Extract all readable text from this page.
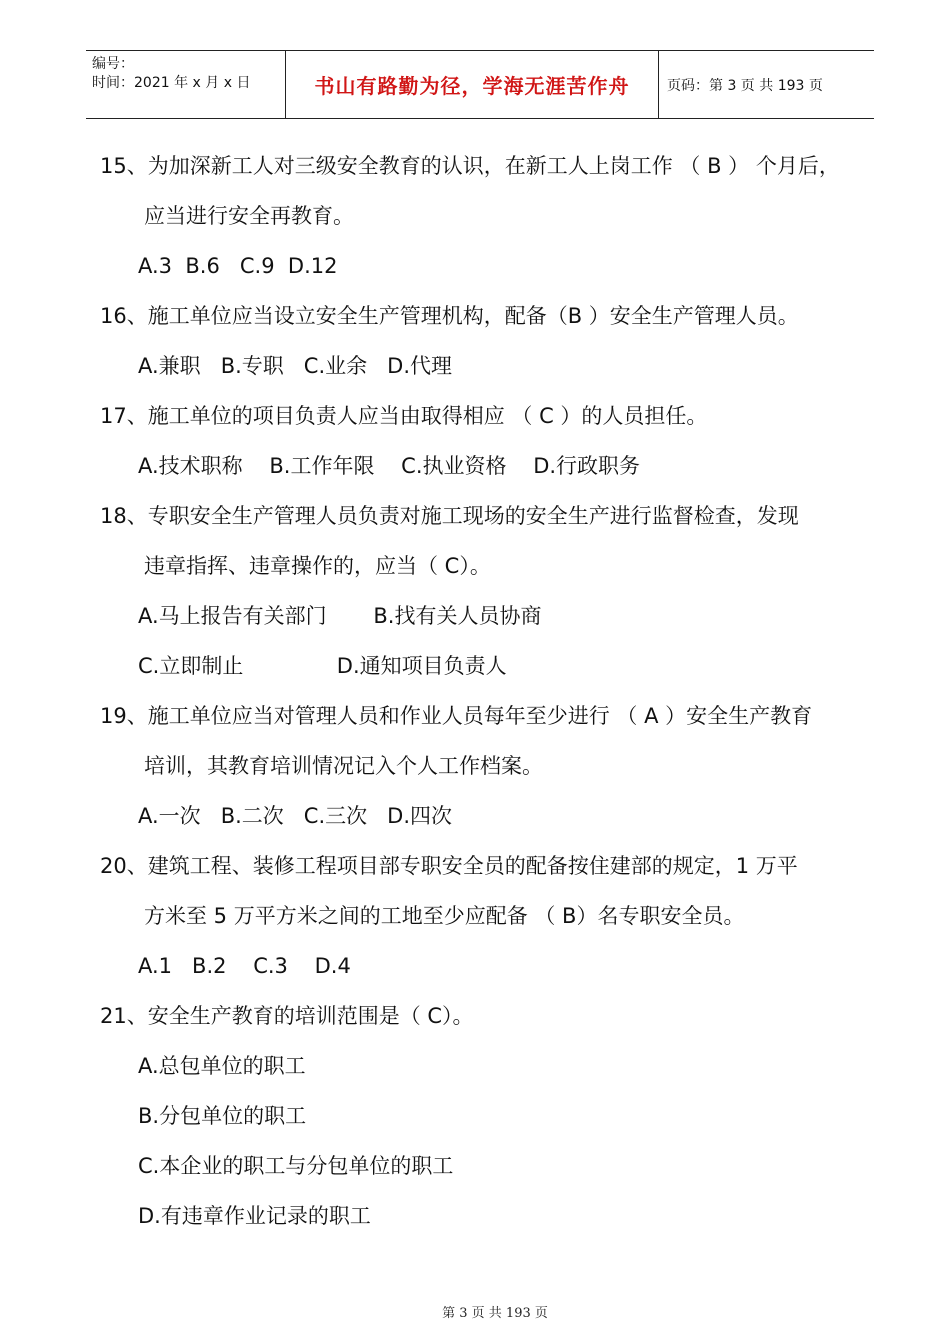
编号：
时间：2021 年 x 月 x 日	书山有路勤为径，学海无涯苦作舟	页码：第 3 页 共 193 页
15、为加深新工人对三级安全教育的认识，在新工人上岗工作 （ B ） 个月后，
应当进行安全再教育。
A.3  B.6   C.9  D.12
16、施工单位应当设立安全生产管理机构，配备（B ）安全生产管理人员。
A.兼职   B.专职   C.业余   D.代理
17、施工单位的项目负责人应当由取得相应 （ C ）的人员担任。
A.技术职称    B.工作年限    C.执业资格    D.行政职务
18、专职安全生产管理人员负责对施工现场的安全生产进行监督检查，发现
违章指挥、违章操作的，应当（ C）。
A.马上报告有关部门       B.找有关人员协商
C.立即制止              D.通知项目负责人
19、施工单位应当对管理人员和作业人员每年至少进行 （ A ）安全生产教育
培训，其教育培训情况记入个人工作档案。
A.一次   B.二次   C.三次   D.四次
20、建筑工程、装修工程项目部专职安全员的配备按住建部的规定，1 万平
方米至 5 万平方米之间的工地至少应配备 （ B）名专职安全员。
A.1   B.2    C.3    D.4
21、安全生产教育的培训范围是（ C）。
A.总包单位的职工
B.分包单位的职工
C.本企业的职工与分包单位的职工
D.有违章作业记录的职工
第 3 页 共 193 页
